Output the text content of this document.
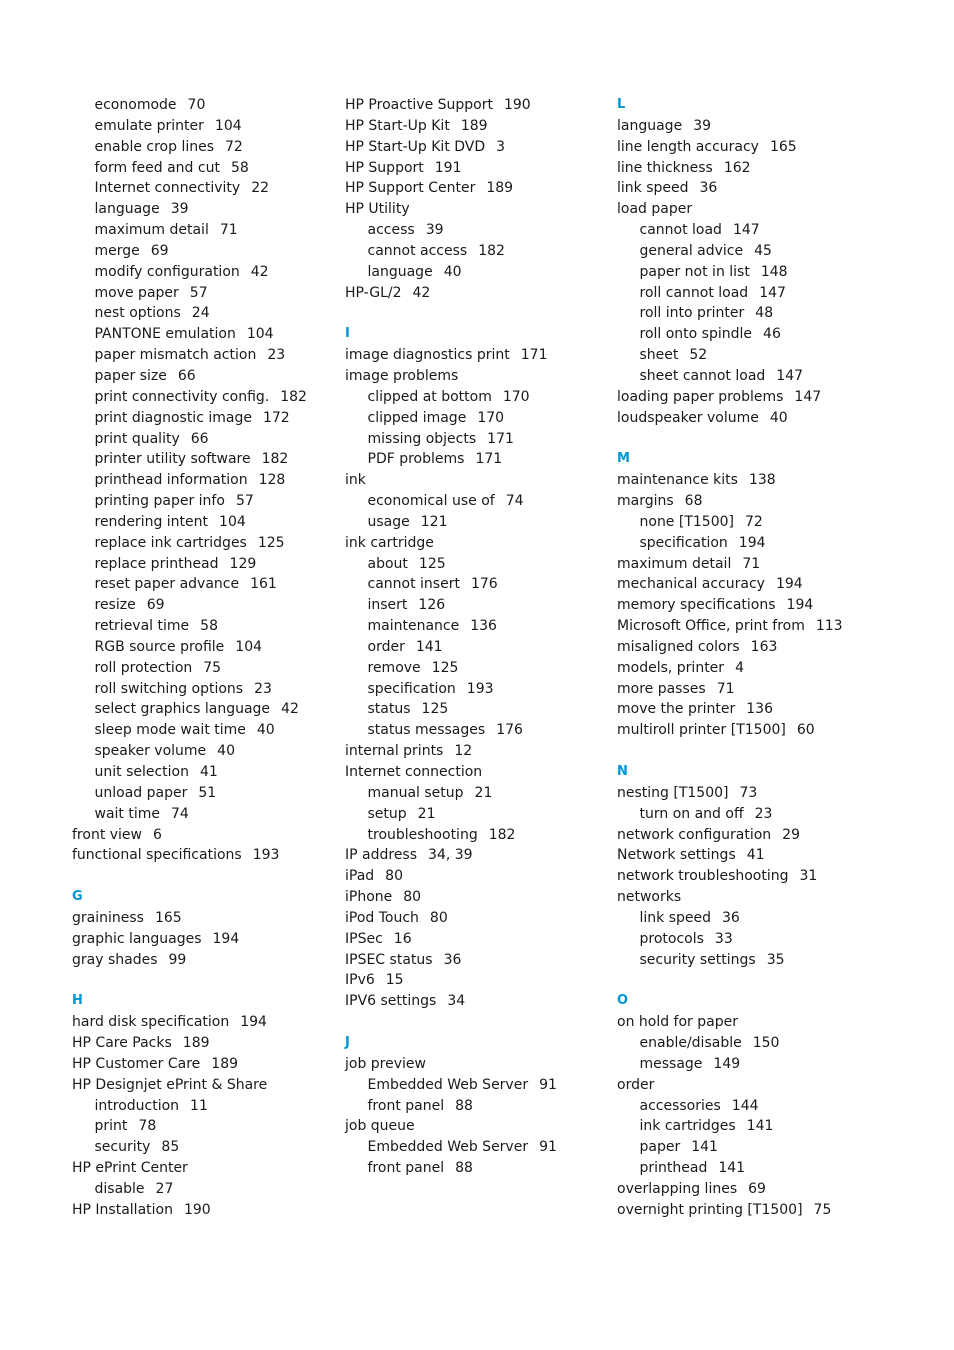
economode 70
emulate printer 104
enable crop lines 72
form feed and cut 58
Internet connectivity 22
language 39
maximum detail 71
merge 69
modify configuration 42
move paper 57
nest options 24
PANTONE emulation 104
paper mismatch action 23
paper size 66
print connectivity config. 182
print diagnostic image 172
print quality 66
printer utility software 182
printhead information 128
printing paper info 57
rendering intent 104
replace ink cartridges 125
replace printhead 129
reset paper advance 161
resize 69
retrieval time 58
RGB source profile 104
roll protection 75
roll switching options 23
select graphics language 42
sleep mode wait time 40
speaker volume 40
unit selection 41
unload paper 51
wait time 74
front view 6
functional specifications 193
G
graininess 165
graphic languages 194
gray shades 99
H
hard disk specification 194
HP Care Packs 189
HP Customer Care 189
HP Designjet ePrint & Share
introduction 11
print 78
security 85
HP ePrint Center
disable 27
HP Installation 190
HP Proactive Support 190
HP Start-Up Kit 189
HP Start-Up Kit DVD 3
HP Support 191
HP Support Center 189
HP Utility
access 39
cannot access 182
language 40
HP-GL/2 42
I
image diagnostics print 171
image problems
clipped at bottom 170
clipped image 170
missing objects 171
PDF problems 171
ink
economical use of 74
usage 121
ink cartridge
about 125
cannot insert 176
insert 126
maintenance 136
order 141
remove 125
specification 193
status 125
status messages 176
internal prints 12
Internet connection
manual setup 21
setup 21
troubleshooting 182
IP address 34, 39
iPad 80
iPhone 80
iPod Touch 80
IPSec 16
IPSEC status 36
IPv6 15
IPV6 settings 34
J
job preview
Embedded Web Server 91
front panel 88
job queue
Embedded Web Server 91
front panel 88
L
language 39
line length accuracy 165
line thickness 162
link speed 36
load paper
cannot load 147
general advice 45
paper not in list 148
roll cannot load 147
roll into printer 48
roll onto spindle 46
sheet 52
sheet cannot load 147
loading paper problems 147
loudspeaker volume 40
M
maintenance kits 138
margins 68
none [T1500] 72
specification 194
maximum detail 71
mechanical accuracy 194
memory specifications 194
Microsoft Office, print from 113
misaligned colors 163
models, printer 4
more passes 71
move the printer 136
multiroll printer [T1500] 60
N
nesting [T1500] 73
turn on and off 23
network configuration 29
Network settings 41
network troubleshooting 31
networks
link speed 36
protocols 33
security settings 35
O
on hold for paper
enable/disable 150
message 149
order
accessories 144
ink cartridges 141
paper 141
printhead 141
overlapping lines 69
overnight printing [T1500] 75
